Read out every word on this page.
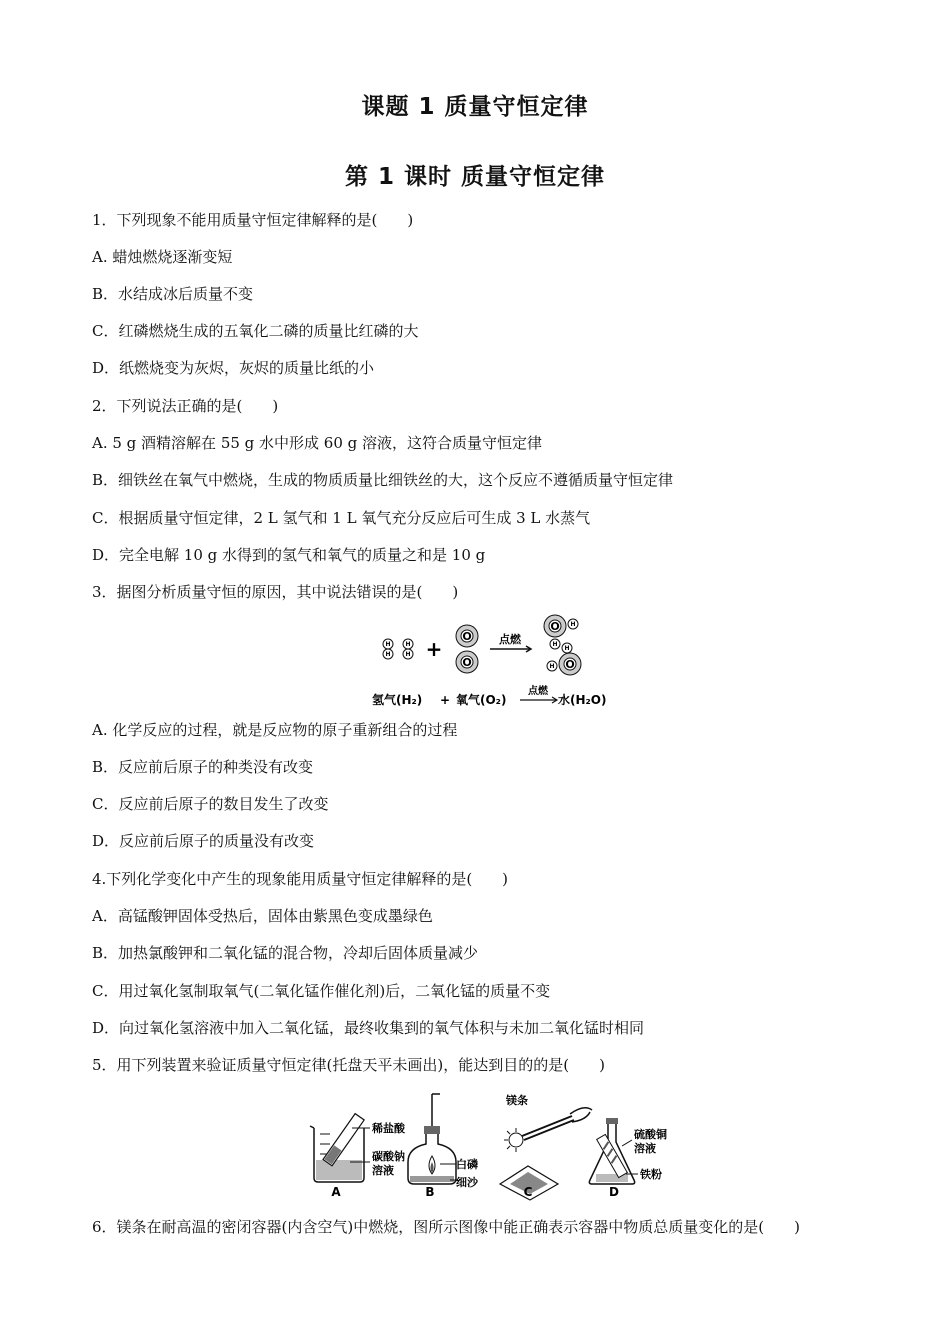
课题 1 质量守恒定律
第 1 课时 质量守恒定律
1．下列现象不能用质量守恒定律解释的是(　　)
A. 蜡烛燃烧逐渐变短
B．水结成冰后质量不变
C．红磷燃烧生成的五氧化二磷的质量比红磷的大
D．纸燃烧变为灰烬，灰烬的质量比纸的小
2．下列说法正确的是(　　)
A. 5 g 酒精溶解在 55 g 水中形成 60 g 溶液，这符合质量守恒定律
B．细铁丝在氧气中燃烧，生成的物质质量比细铁丝的大，这个反应不遵循质量守恒定律
C．根据质量守恒定律，2 L 氢气和 1 L 氧气充分反应后可生成 3 L 水蒸气
D．完全电解 10 g 水得到的氢气和氧气的质量之和是 10 g
3．据图分析质量守恒的原因，其中说法错误的是(　　)
H
H
H
H +
O
O
点燃
O H
H
O
H
H
氢气(H₂) + 氧气(O₂)
点燃
水(H₂O)
A. 化学反应的过程，就是反应物的原子重新组合的过程
B．反应前后原子的种类没有改变
C．反应前后原子的数目发生了改变
D．反应前后原子的质量没有改变
4.下列化学变化中产生的现象能用质量守恒定律解释的是(　　)
A．高锰酸钾固体受热后，固体由紫黑色变成墨绿色
B．加热氯酸钾和二氧化锰的混合物，冷却后固体质量减少
C．用过氧化氢制取氧气(二氧化锰作催化剂)后，二氧化锰的质量不变
D．向过氧化氢溶液中加入二氧化锰，最终收集到的氧气体积与未加二氧化锰时相同
5．用下列装置来验证质量守恒定律(托盘天平未画出)，能达到目的的是(　　)
稀盐酸
碳酸钠
溶液
A
白磷
细沙
B
镁条
C
硫酸铜
溶液
铁粉
D
6．镁条在耐高温的密闭容器(内含空气)中燃烧，图所示图像中能正确表示容器中物质总质量变化的是(　　)
